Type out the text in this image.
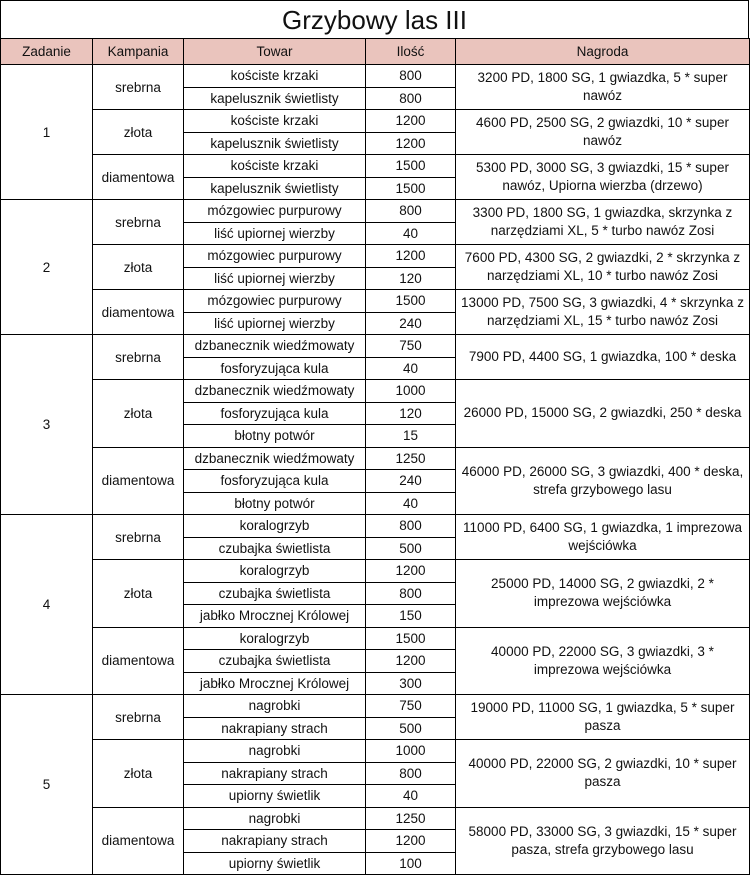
Grzybowy las III
Zadanie	Kampania	Towar	Ilość	Nagroda
1	srebrna	kościste krzaki	800	3200 PD, 1800 SG, 1 gwiazdka, 5 * super nawóz
		kapelusznik świetlisty	800	
	złota	kościste krzaki	1200	4600 PD, 2500 SG, 2 gwiazdki, 10 * super nawóz
		kapelusznik świetlisty	1200	
	diamentowa	kościste krzaki	1500	5300 PD, 3000 SG, 3 gwiazdki, 15 * super nawóz, Upiorna wierzba (drzewo)
		kapelusznik świetlisty	1500	
2	srebrna	mózgowiec purpurowy	800	3300 PD, 1800 SG, 1 gwiazdka, skrzynka z narzędziami XL, 5 * turbo nawóz Zosi
		liść upiornej wierzby	40	
	złota	mózgowiec purpurowy	1200	7600 PD, 4300 SG, 2 gwiazdki, 2 * skrzynka z narzędziami XL, 10 * turbo nawóz Zosi
		liść upiornej wierzby	120	
	diamentowa	mózgowiec purpurowy	1500	13000 PD, 7500 SG, 3 gwiazdki, 4 * skrzynka z narzędziami XL, 15 * turbo nawóz Zosi
		liść upiornej wierzby	240	
3	srebrna	dzbanecznik wiedźmowaty	750	7900 PD, 4400 SG, 1 gwiazdka, 100 * deska
		fosforyzująca kula	40	
	złota	dzbanecznik wiedźmowaty	1000	26000 PD, 15000 SG, 2 gwiazdki, 250 * deska
		fosforyzująca kula	120	
		błotny potwór	15	
	diamentowa	dzbanecznik wiedźmowaty	1250	46000 PD, 26000 SG, 3 gwiazdki, 400 * deska, strefa grzybowego lasu
		fosforyzująca kula	240	
		błotny potwór	40	
4	srebrna	koralogrzyb	800	11000 PD, 6400 SG, 1 gwiazdka, 1 imprezowa wejściówka
		czubajka świetlista	500	
	złota	koralogrzyb	1200	25000 PD, 14000 SG, 2 gwiazdki, 2 * imprezowa wejściówka
		czubajka świetlista	800	
		jabłko Mrocznej Królowej	150	
	diamentowa	koralogrzyb	1500	40000 PD, 22000 SG, 3 gwiazdki, 3 * imprezowa wejściówka
		czubajka świetlista	1200	
		jabłko Mrocznej Królowej	300	
5	srebrna	nagrobki	750	19000 PD, 11000 SG, 1 gwiazdka, 5 * super pasza
		nakrapiany strach	500	
	złota	nagrobki	1000	40000 PD, 22000 SG, 2 gwiazdki, 10 * super pasza
		nakrapiany strach	800	
		upiorny świetlik	40	
	diamentowa	nagrobki	1250	58000 PD, 33000 SG, 3 gwiazdki, 15 * super pasza, strefa grzybowego lasu
		nakrapiany strach	1200	
		upiorny świetlik	100	
